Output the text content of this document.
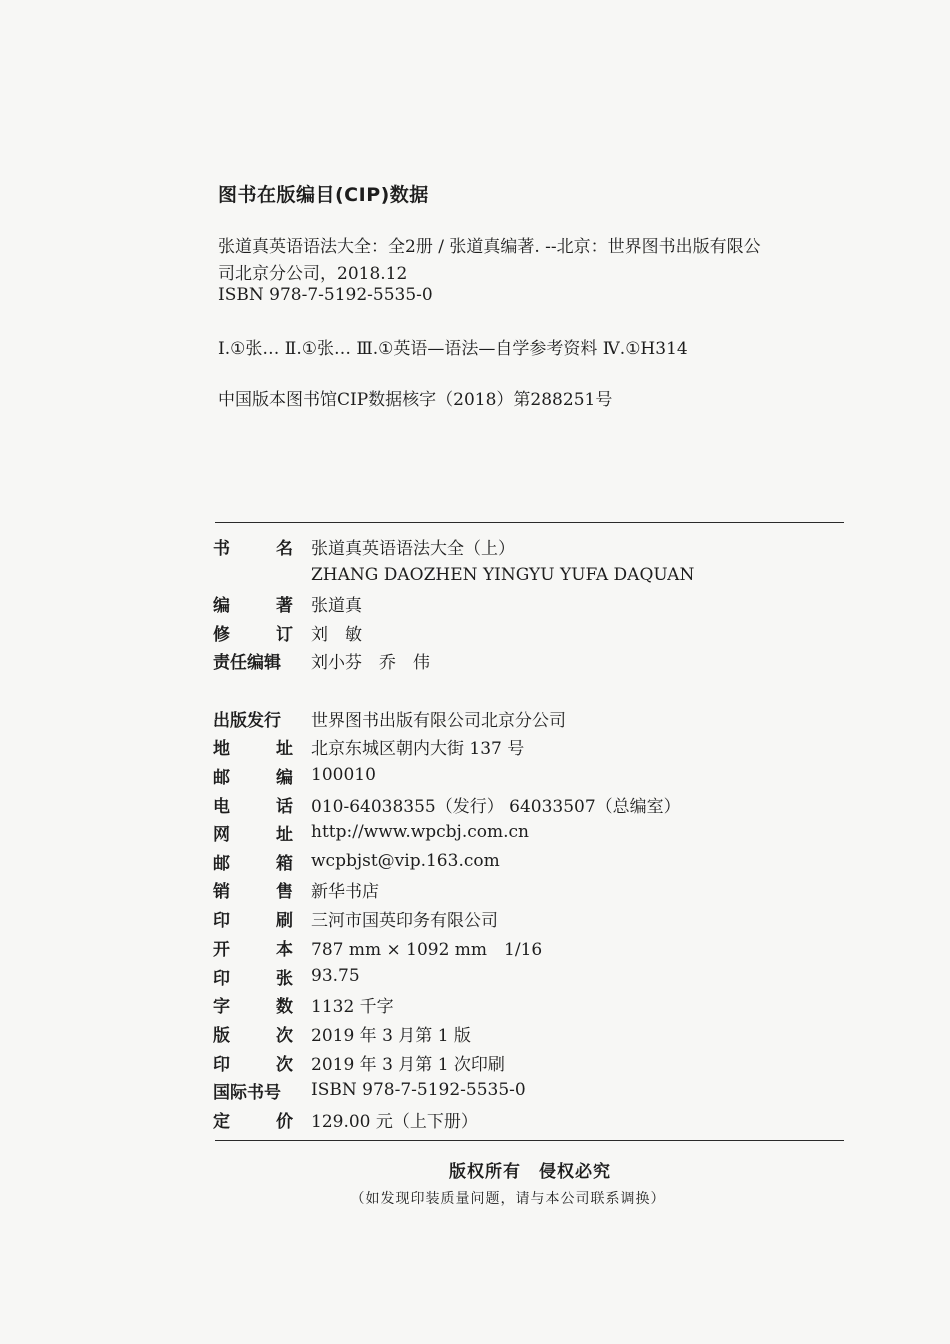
图书在版编目(CIP)数据
张道真英语语法大全：全2册 / 张道真编著. --北京：世界图书出版有限公
司北京分公司，2018.12
ISBN 978-7-5192-5535-0
Ⅰ.①张… Ⅱ.①张… Ⅲ.①英语—语法—自学参考资料 Ⅳ.①H314
中国版本图书馆CIP数据核字（2018）第288251号
书	名 张道真英语语法大全（上）
ZHANG DAOZHEN YINGYU YUFA DAQUAN
编	著 张道真
修	订 刘　敏
责任编辑 刘小芬　乔　伟
出版发行 世界图书出版有限公司北京分公司
地	址 北京东城区朝内大街 137 号
邮	编 100010
电	话 010-64038355（发行） 64033507（总编室）
网	址 http://www.wpcbj.com.cn
邮	箱 wcpbjst@vip.163.com
销	售 新华书店
印	刷 三河市国英印务有限公司
开	本 787 mm × 1092 mm　1/16
印	张 93.75
字	数 1132 千字
版	次 2019 年 3 月第 1 版
印	次 2019 年 3 月第 1 次印刷
国际书号 ISBN 978-7-5192-5535-0
定	价 129.00 元（上下册）
版权所有　侵权必究
（如发现印装质量问题，请与本公司联系调换）
